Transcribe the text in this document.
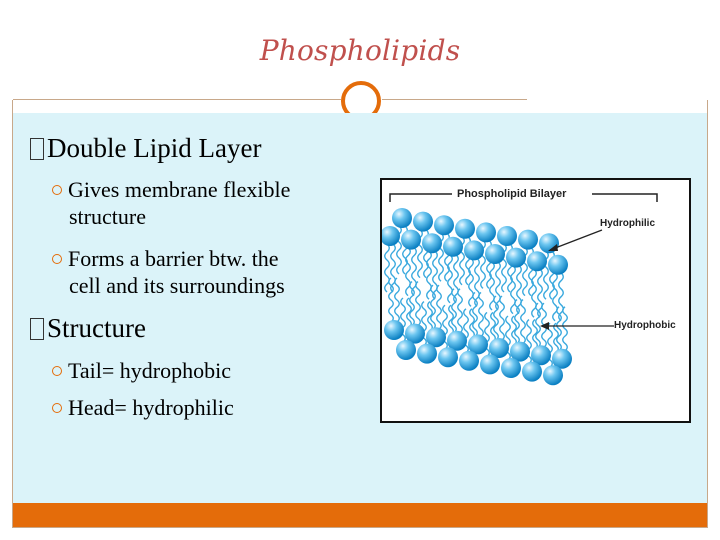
Phospholipids
Double Lipid Layer
Gives membrane flexible
structure
Forms a barrier btw. the
cell and its surroundings
Structure
Tail= hydrophobic
Head= hydrophilic
Phospholipid Bilayer
Hydrophilic
Hydrophobic
